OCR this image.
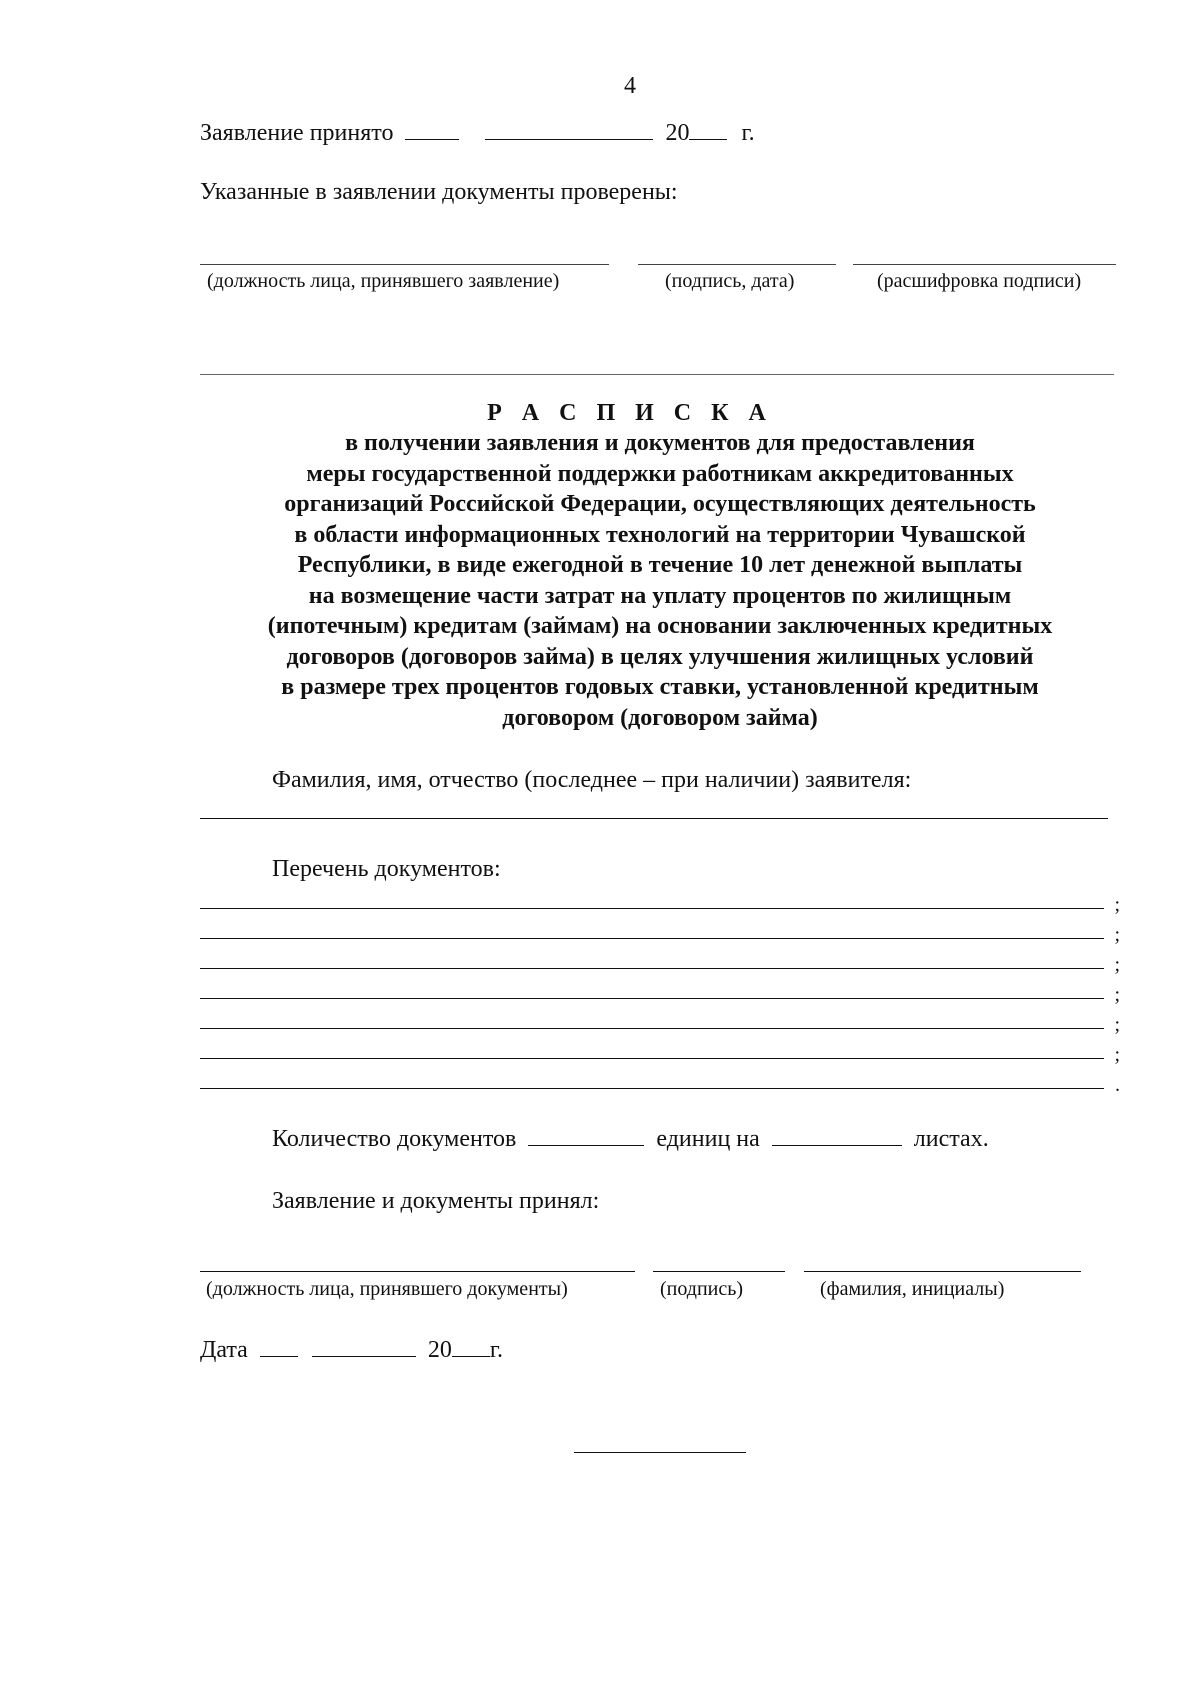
4
Заявление принято	20 г.
Указанные в заявлении документы проверены:
(должность лица, принявшего заявление)	(подпись, дата)	(расшифровка подписи)
Р А С П И С К А
в получении заявления и документов для предоставления
меры государственной поддержки работникам аккредитованных
организаций Российской Федерации, осуществляющих деятельность
в области информационных технологий на территории Чувашской
Республики, в виде ежегодной в течение 10 лет денежной выплаты
на возмещение части затрат на уплату процентов по жилищным
(ипотечным) кредитам (займам) на основании заключенных кредитных
договоров (договоров займа) в целях улучшения жилищных условий
в размере трех процентов годовых ставки, установленной кредитным
договором (договором займа)
Фамилия, имя, отчество (последнее – при наличии) заявителя:
Перечень документов:
;
;
;
;
;
;
.
Количество документов	единиц на	листах.
Заявление и документы принял:
(должность лица, принявшего документы)	(подпись)	(фамилия, инициалы)
Дата	20 г.
